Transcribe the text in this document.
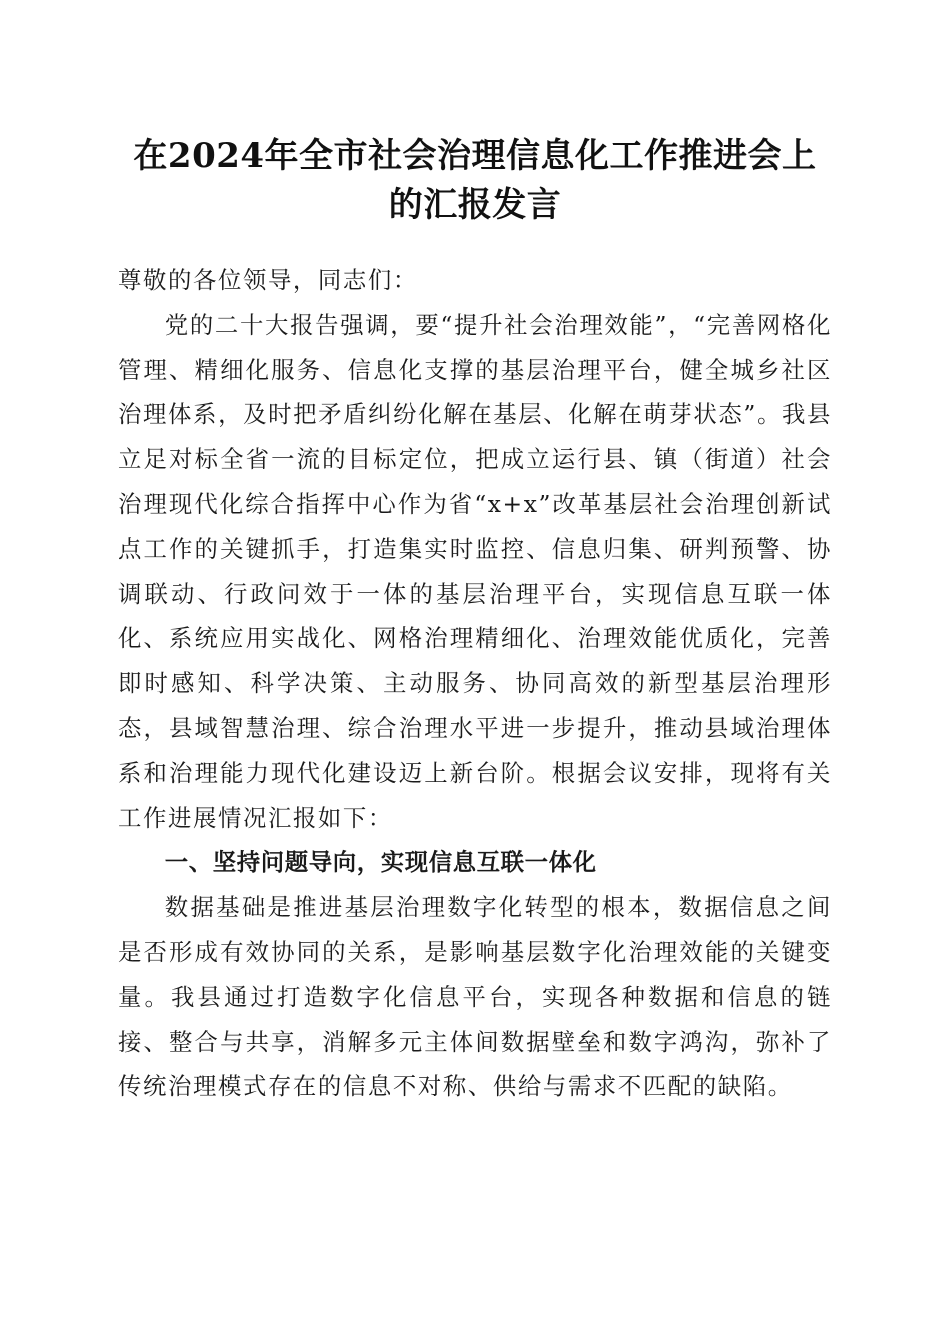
在2024年全市社会治理信息化工作推进会上
的汇报发言

尊敬的各位领导，同志们：

党的二十大报告强调，要“提升社会治理效能”，“完善网格化管理、精细化服务、信息化支撑的基层治理平台，健全城乡社区治理体系，及时把矛盾纠纷化解在基层、化解在萌芽状态”。我县立足对标全省一流的目标定位，把成立运行县、镇（街道）社会治理现代化综合指挥中心作为省“x+x”改革基层社会治理创新试点工作的关键抓手，打造集实时监控、信息归集、研判预警、协调联动、行政问效于一体的基层治理平台，实现信息互联一体化、系统应用实战化、网格治理精细化、治理效能优质化，完善即时感知、科学决策、主动服务、协同高效的新型基层治理形态，县域智慧治理、综合治理水平进一步提升，推动县域治理体系和治理能力现代化建设迈上新台阶。根据会议安排，现将有关工作进展情况汇报如下：

一、坚持问题导向，实现信息互联一体化

数据基础是推进基层治理数字化转型的根本，数据信息之间是否形成有效协同的关系，是影响基层数字化治理效能的关键变量。我县通过打造数字化信息平台，实现各种数据和信息的链接、整合与共享，消解多元主体间数据壁垒和数字鸿沟，弥补了传统治理模式存在的信息不对称、供给与需求不匹配的缺陷。
